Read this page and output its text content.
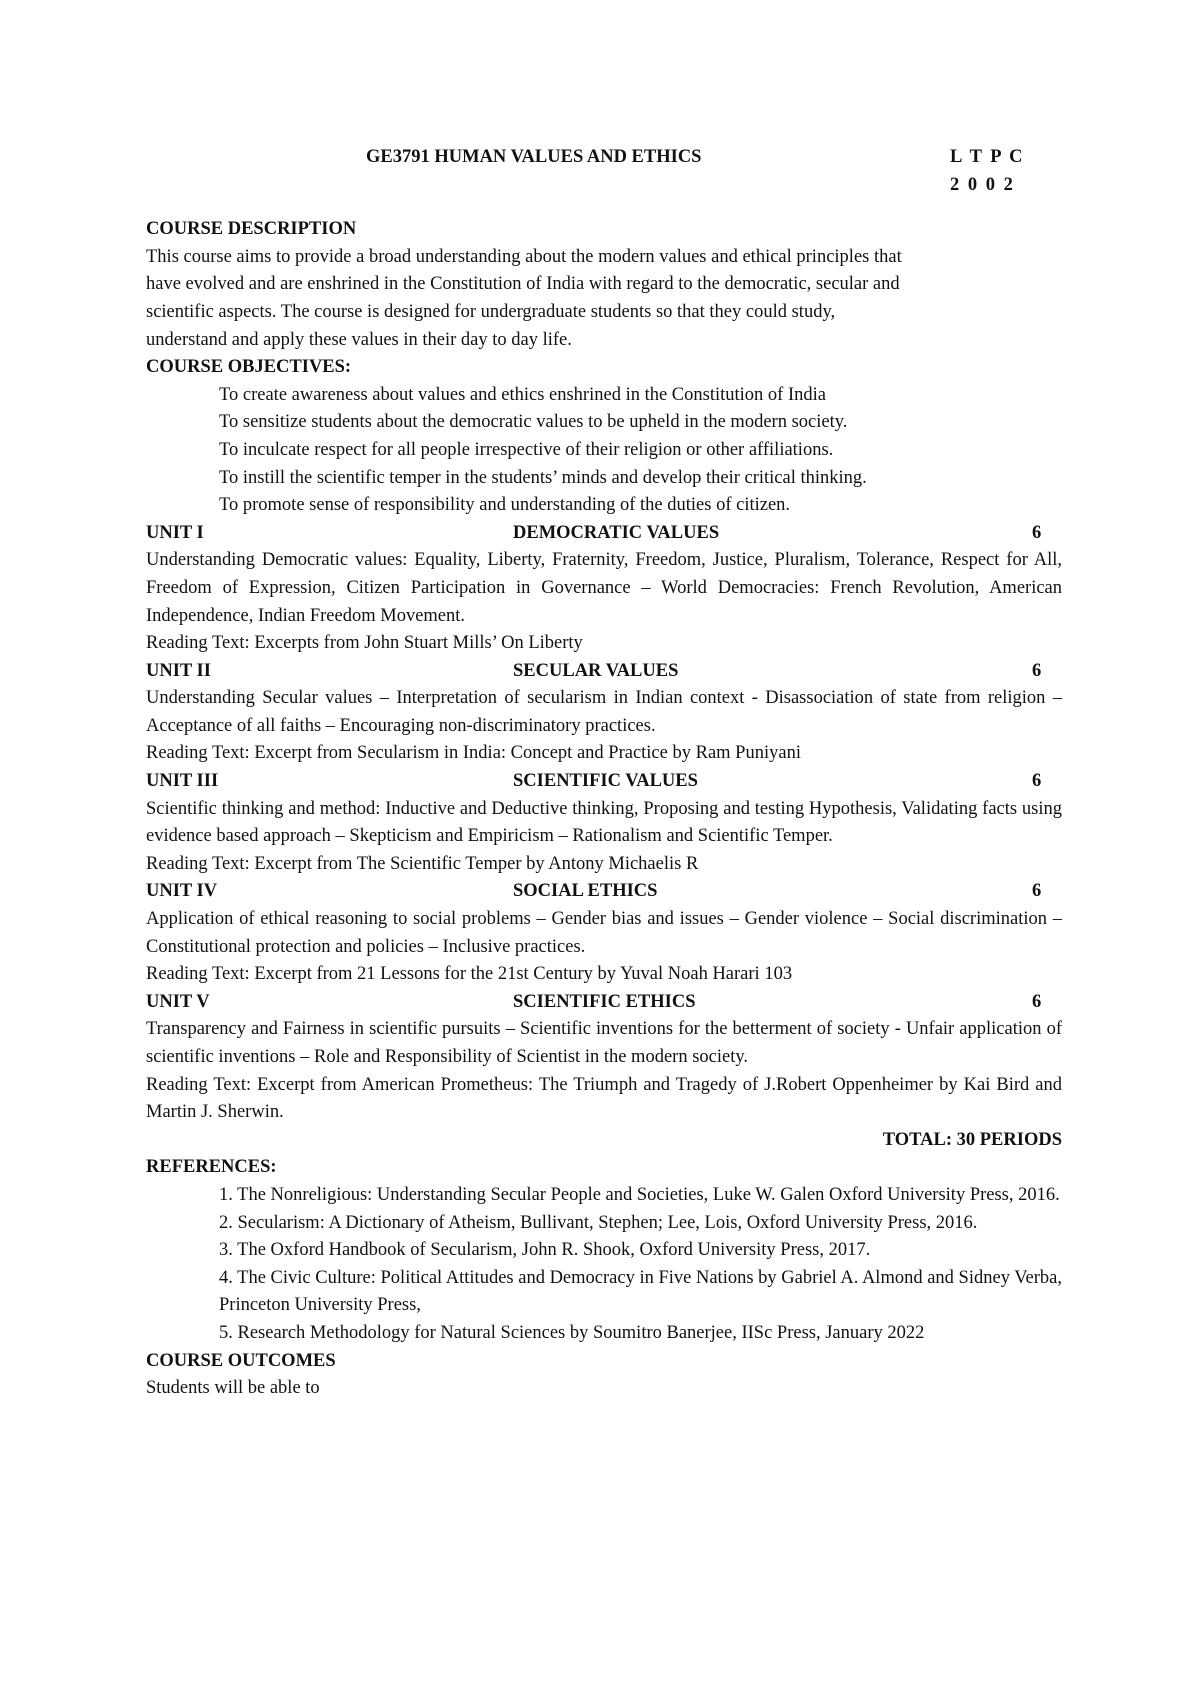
GE3791 HUMAN VALUES AND ETHICS	L T P C
2 0 0 2
COURSE DESCRIPTION
This course aims to provide a broad understanding about the modern values and ethical principles that
have evolved and are enshrined in the Constitution of India with regard to the democratic, secular and
scientific aspects. The course is designed for undergraduate students so that they could study,
understand and apply these values in their day to day life.
COURSE OBJECTIVES:
To create awareness about values and ethics enshrined in the Constitution of India
To sensitize students about the democratic values to be upheld in the modern society.
To inculcate respect for all people irrespective of their religion or other affiliations.
To instill the scientific temper in the students’ minds and develop their critical thinking.
To promote sense of responsibility and understanding of the duties of citizen.
UNIT I	DEMOCRATIC VALUES	6
Understanding Democratic values: Equality, Liberty, Fraternity, Freedom, Justice, Pluralism, Tolerance, Respect for All, Freedom of Expression, Citizen Participation in Governance – World Democracies: French Revolution, American Independence, Indian Freedom Movement.
Reading Text: Excerpts from John Stuart Mills’ On Liberty
UNIT II	SECULAR VALUES	6
Understanding Secular values – Interpretation of secularism in Indian context - Disassociation of state from religion – Acceptance of all faiths – Encouraging non-discriminatory practices.
Reading Text: Excerpt from Secularism in India: Concept and Practice by Ram Puniyani
UNIT III	SCIENTIFIC VALUES	6
Scientific thinking and method: Inductive and Deductive thinking, Proposing and testing Hypothesis, Validating facts using evidence based approach – Skepticism and Empiricism – Rationalism and Scientific Temper.
Reading Text: Excerpt from The Scientific Temper by Antony Michaelis R
UNIT IV	SOCIAL ETHICS	6
Application of ethical reasoning to social problems – Gender bias and issues – Gender violence – Social discrimination – Constitutional protection and policies – Inclusive practices.
Reading Text: Excerpt from 21 Lessons for the 21st Century by Yuval Noah Harari 103
UNIT V	SCIENTIFIC ETHICS	6
Transparency and Fairness in scientific pursuits – Scientific inventions for the betterment of society - Unfair application of scientific inventions – Role and Responsibility of Scientist in the modern society.
Reading Text: Excerpt from American Prometheus: The Triumph and Tragedy of J.Robert Oppenheimer by Kai Bird and Martin J. Sherwin.
TOTAL: 30 PERIODS
REFERENCES:
1. The Nonreligious: Understanding Secular People and Societies, Luke W. Galen Oxford University Press, 2016.
2. Secularism: A Dictionary of Atheism, Bullivant, Stephen; Lee, Lois, Oxford University Press, 2016.
3. The Oxford Handbook of Secularism, John R. Shook, Oxford University Press, 2017.
4. The Civic Culture: Political Attitudes and Democracy in Five Nations by Gabriel A. Almond and Sidney Verba, Princeton University Press,
5. Research Methodology for Natural Sciences by Soumitro Banerjee, IISc Press, January 2022
COURSE OUTCOMES
Students will be able to
